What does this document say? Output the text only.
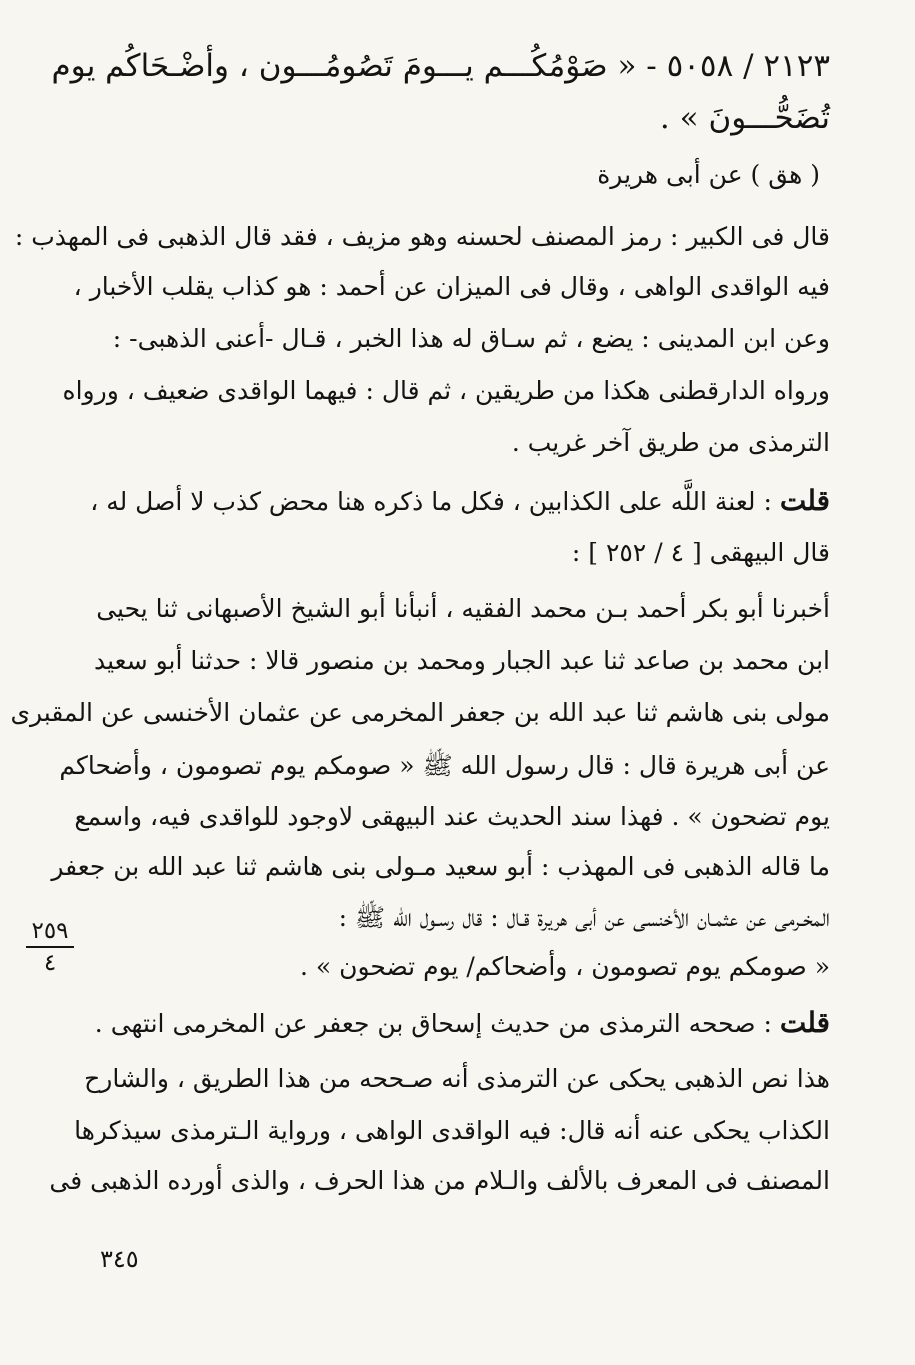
٢١٢٣ / ٥٠٥٨ - « صَوْمُكُـــم يـــومَ تَصُومُـــون ، وأضْـحَاكُم يوم
تُضَحُّـــونَ » .
( هق ) عن أبى هريرة
قال فى الكبير : رمز المصنف لحسنه وهو مزيف ، فقد قال الذهبى فى المهذب :
فيه الواقدى الواهى ، وقال فى الميزان عن أحمد : هو كذاب يقلب الأخبار ،
وعن ابن المدينى : يضع ، ثم سـاق له هذا الخبر ، قـال -أعنى الذهبى- :
ورواه الدارقطنى هكذا من طريقين ، ثم قال : فيهما الواقدى ضعيف ، ورواه
الترمذى من طريق آخر غريب .
قلت : لعنة اللَّه على الكذابين ، فكل ما ذكره هنا محض كذب لا أصل له ،
قال البيهقى [ ٤ / ٢٥٢ ] :
أخبرنا أبو بكر أحمد بـن محمد الفقيه ، أنبأنا أبو الشيخ الأصبهانى ثنا يحيى
ابن محمد بن صاعد ثنا عبد الجبار ومحمد بن منصور قالا : حدثنا أبو سعيد
مولى بنى هاشم ثنا عبد الله بن جعفر المخرمى عن عثمان الأخنسى عن المقبرى
عن أبى هريرة قال : قال رسول الله ﷺ « صومكم يوم تصومون ، وأضحاكم
يوم تضحون » . فهذا سند الحديث عند البيهقى لاوجود للواقدى فيه، واسمع
ما قاله الذهبى فى المهذب : أبو سعيد مـولى بنى هاشم ثنا عبد الله بن جعفر
المخـرمى عن عثمـان الأخنسى عن أبى هريرة قـال : قال رسـول الله ﷺ :
« صومكم يوم تصومون ، وأضحاكم/ يوم تضحون » .
قلت : صححه الترمذى من حديث إسحاق بن جعفر عن المخرمى انتهى .
هذا نص الذهبى يحكى عن الترمذى أنه صـححه من هذا الطريق ، والشارح
الكذاب يحكى عنه أنه قال: فيه الواقدى الواهى ، ورواية الـترمذى سيذكرها
المصنف فى المعرف بالألف والـلام من هذا الحرف ، والذى أورده الذهبى فى
٢٥٩
٤
٣٤٥
